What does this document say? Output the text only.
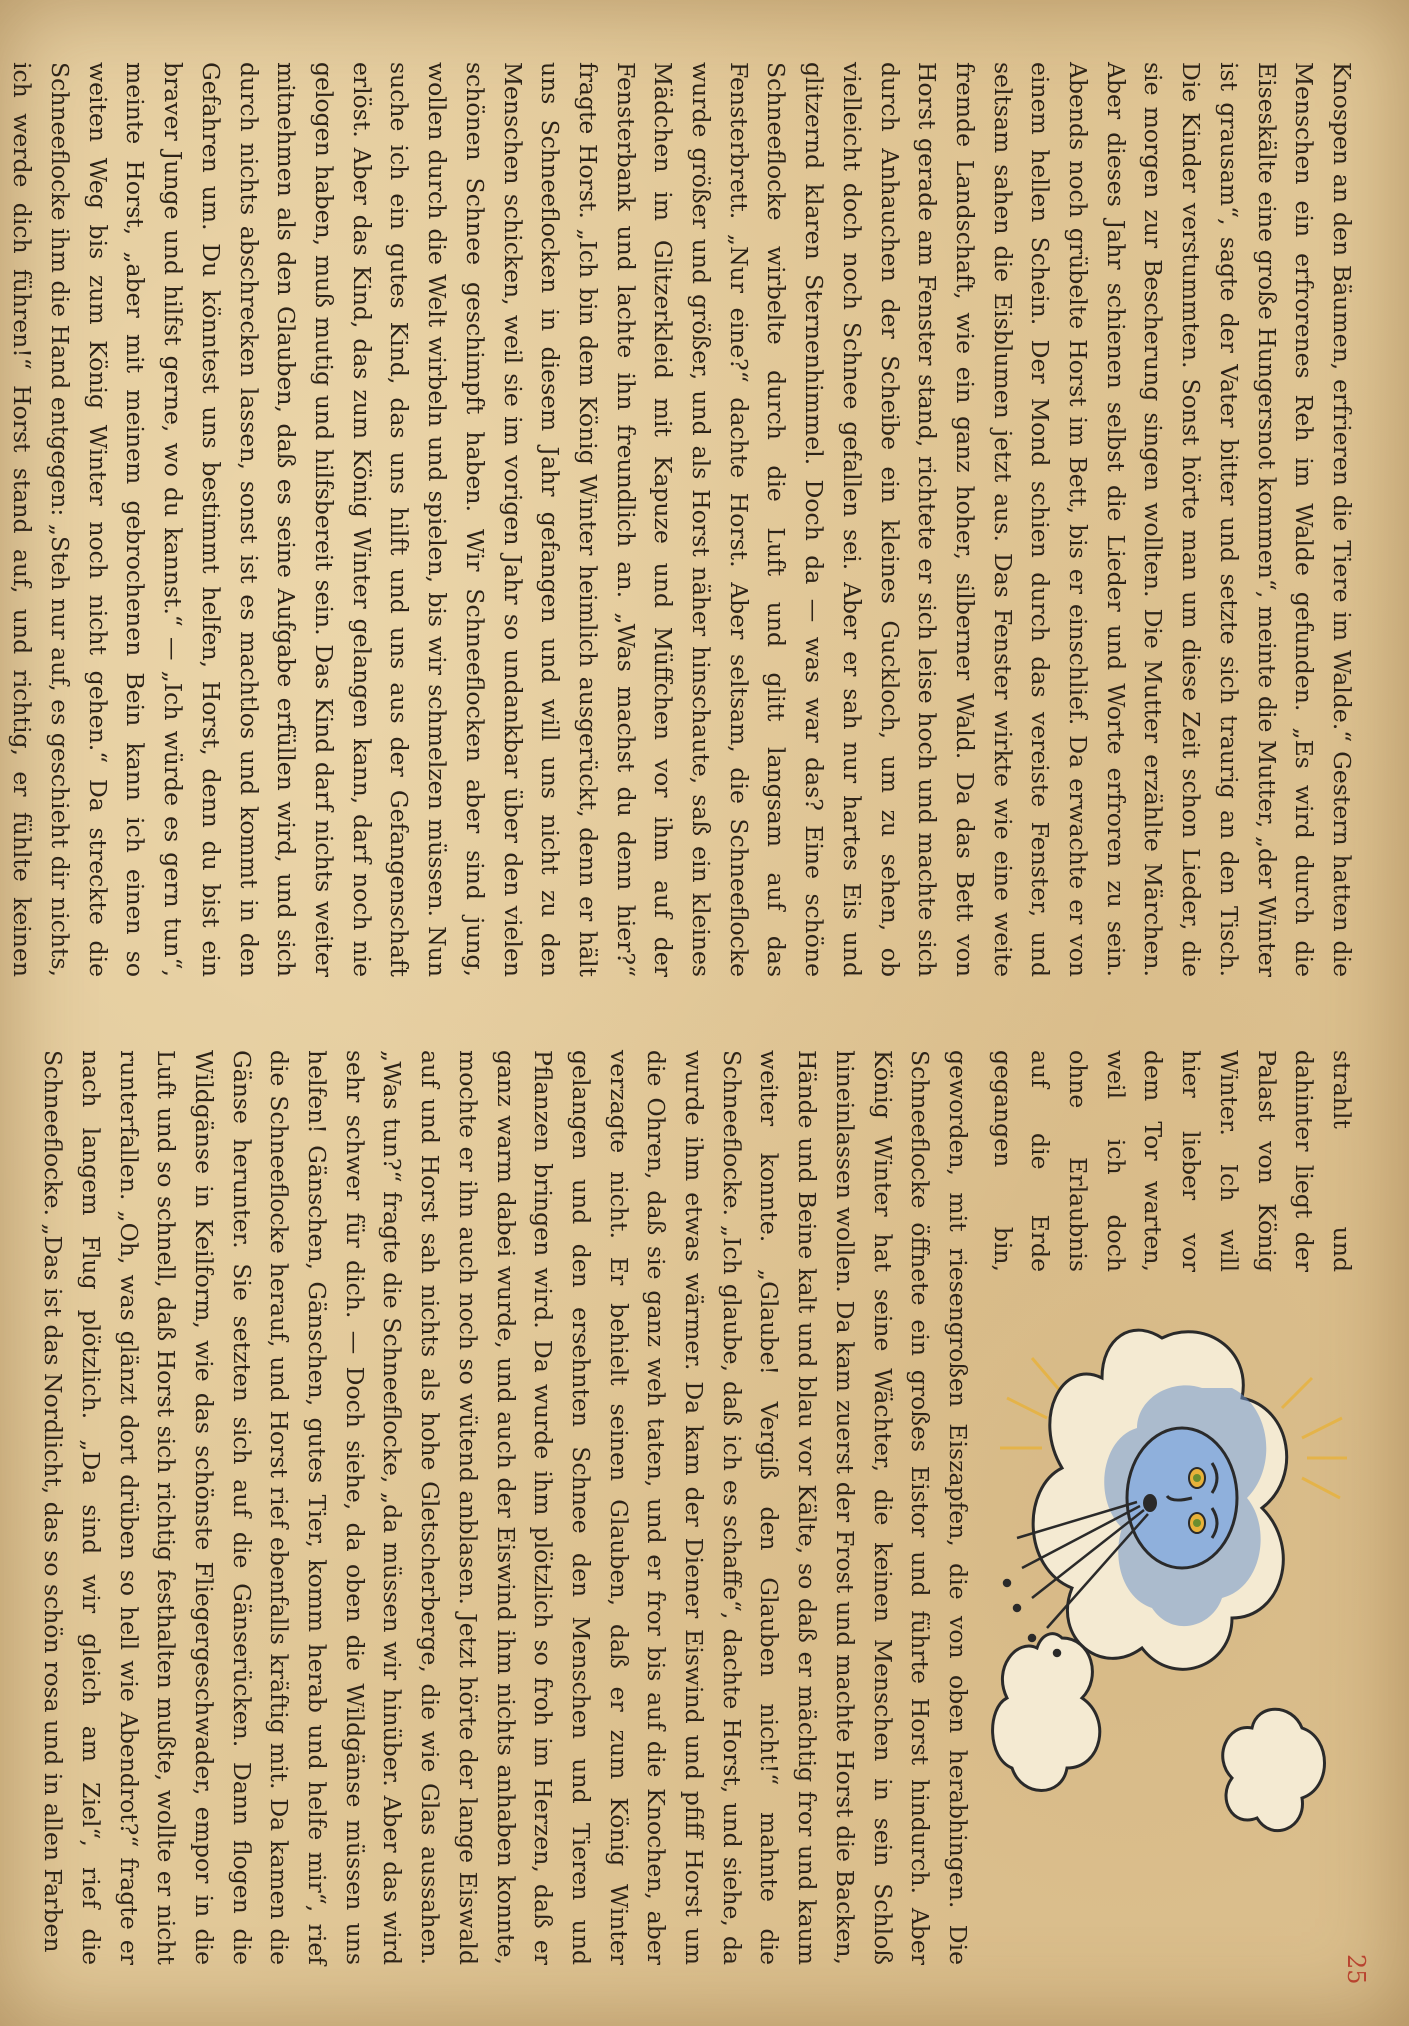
Knospen an den Bäumen, erfrieren die Tiere im Walde.“ Gestern hatten die Menschen ein erfrorenes Reh im Walde gefunden. „Es wird durch die Eiseskälte eine große Hungersnot kommen“, meinte die Mutter, „der Winter ist grausam“, sagte der Vater bitter und setzte sich traurig an den Tisch. Die Kinder verstummten. Sonst hörte man um diese Zeit schon Lieder, die sie morgen zur Bescherung singen wollten. Die Mutter erzählte Märchen. Aber dieses Jahr schienen selbst die Lieder und Worte erfroren zu sein. Abends noch grübelte Horst im Bett, bis er einschlief. Da erwachte er von einem hellen Schein. Der Mond schien durch das vereiste Fenster, und seltsam sahen die Eisblumen jetzt aus. Das Fenster wirkte wie eine weite fremde Landschaft, wie ein ganz hoher, silberner Wald. Da das Bett von Horst gerade am Fenster stand, richtete er sich leise hoch und machte sich durch Anhauchen der Scheibe ein kleines Guckloch, um zu sehen, ob vielleicht doch noch Schnee gefallen sei. Aber er sah nur hartes Eis und glitzernd klaren Sternenhimmel. Doch da — was war das? Eine schöne Schneeflocke wirbelte durch die Luft und glitt langsam auf das Fensterbrett. „Nur eine?“ dachte Horst. Aber seltsam, die Schneeflocke wurde größer und größer, und als Horst näher hinschaute, saß ein kleines Mädchen im Glitzerkleid mit Kapuze und Müffchen vor ihm auf der Fensterbank und lachte ihn freundlich an. „Was machst du denn hier?“ fragte Horst. „Ich bin dem König Winter heimlich ausgerückt, denn er hält uns Schneeflocken in diesem Jahr gefangen und will uns nicht zu den Menschen schicken, weil sie im vorigen Jahr so undankbar über den vielen schönen Schnee geschimpft haben. Wir Schneeflocken aber sind jung, wollen durch die Welt wirbeln und spielen, bis wir schmelzen müssen. Nun suche ich ein gutes Kind, das uns hilft und uns aus der Gefangenschaft erlöst. Aber das Kind, das zum König Winter gelangen kann, darf noch nie gelogen haben, muß mutig und hilfsbereit sein. Das Kind darf nichts weiter mitnehmen als den Glauben, daß es seine Aufgabe erfüllen wird, und sich durch nichts abschrecken lassen, sonst ist es machtlos und kommt in den Gefahren um. Du könntest uns bestimmt helfen, Horst, denn du bist ein braver Junge und hilfst gerne, wo du kannst.“ — „Ich würde es gern tun“, meinte Horst, „aber mit meinem gebrochenen Bein kann ich einen so weiten Weg bis zum König Winter noch nicht gehen.“ Da streckte die Schneeflocke ihm die Hand entgegen: „Steh nur auf, es geschieht dir nichts, ich werde dich führen!“ Horst stand auf, und richtig, er fühlte keinen

strahlt und dahinter liegt der Palast von König Winter. Ich will hier lieber vor dem Tor warten, weil ich doch ohne Erlaubnis auf die Erde gegangen bin,

geworden, mit riesengroßen Eiszapfen, die von oben herabhingen. Die Schneeflocke öffnete ein großes Eistor und führte Horst hindurch. Aber König Winter hat seine Wächter, die keinen Menschen in sein Schloß hineinlassen wollen. Da kam zuerst der Frost und machte Horst die Backen, Hände und Beine kalt und blau vor Kälte, so daß er mächtig fror und kaum weiter konnte. „Glaube! Vergiß den Glauben nicht!“ mahnte die Schneeflocke. „Ich glaube, daß ich es schaffe“, dachte Horst, und siehe, da wurde ihm etwas wärmer. Da kam der Diener Eiswind und pfiff Horst um die Ohren, daß sie ganz weh taten, und er fror bis auf die Knochen, aber verzagte nicht. Er behielt seinen Glauben, daß er zum König Winter gelangen und den ersehnten Schnee den Menschen und Tieren und Pflanzen bringen wird. Da wurde ihm plötzlich so froh im Herzen, daß er ganz warm dabei wurde, und auch der Eiswind ihm nichts anhaben konnte, mochte er ihn auch noch so wütend anblasen. Jetzt hörte der lange Eiswald auf und Horst sah nichts als hohe Gletscherberge, die wie Glas aussahen. „Was tun?“ fragte die Schneeflocke, „da müssen wir hinüber. Aber das wird sehr schwer für dich. — Doch siehe, da oben die Wildgänse müssen uns helfen! Gänschen, Gänschen, gutes Tier, komm herab und helfe mir“, rief die Schneeflocke herauf, und Horst rief ebenfalls kräftig mit. Da kamen die Gänse herunter. Sie setzten sich auf die Gänserücken. Dann flogen die Wildgänse in Keilform, wie das schönste Fliegergeschwader, empor in die Luft und so schnell, daß Horst sich richtig festhalten mußte, wollte er nicht runterfallen. „Oh, was glänzt dort drüben so hell wie Abendrot?“ fragte er nach langem Flug plötzlich. „Da sind wir gleich am Ziel“, rief die Schneeflocke. „Das ist das Nordlicht, das so schön rosa und in allen Farben

25
